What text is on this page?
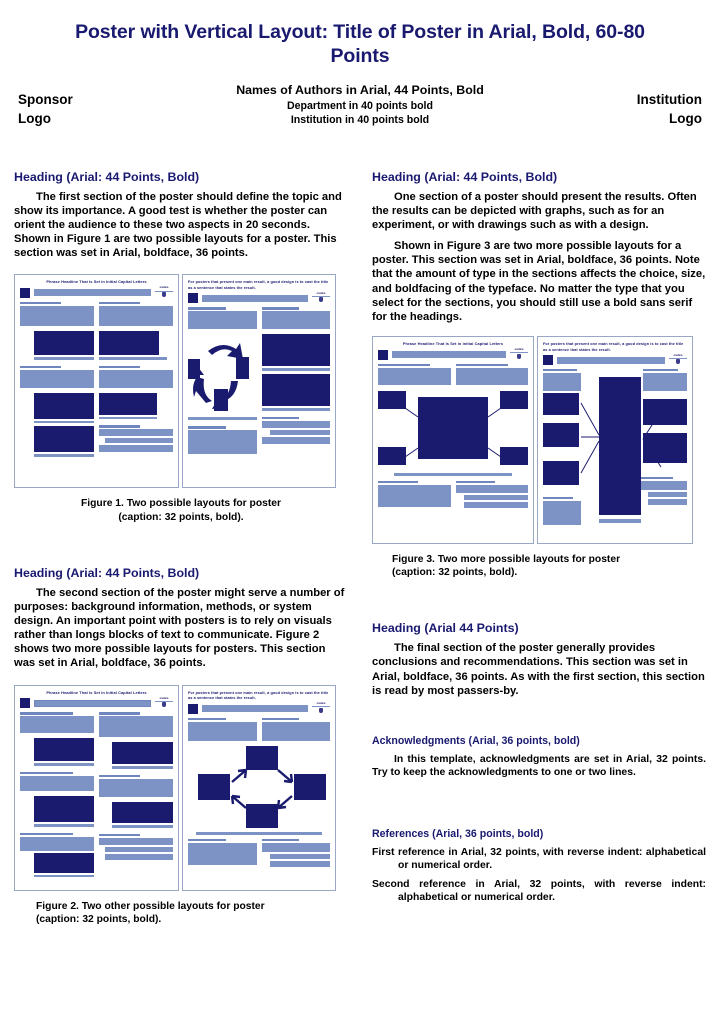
Poster with Vertical Layout: Title of Poster in Arial, Bold, 60-80 Points
Names of Authors in Arial, 44 Points, Bold
Department in 40 points bold
Institution in 40 points bold
Sponsor
Logo
Institution
Logo
Heading (Arial: 44 Points, Bold)

The first section of the poster should define the topic and show its importance. A good test is whether the poster can orient the audience to these two aspects in 20 seconds. Shown in Figure 1 are two possible layouts for a poster. This section was set in Arial, boldface, 36 points.

Phrase Headline That Is Set in Initial Capital Letters
medica
For posters that present one main result, a good design is to cast the title as a sentence that states the result.
medica
Figure 1. Two possible layouts for poster
(caption: 32 points, bold).
Heading (Arial: 44 Points, Bold)

The second section of the poster might serve a number of purposes: background information, methods, or system design. An important point with posters is to rely on visuals rather than longs blocks of text to communicate. Figure 2 shows two more possible layouts for posters. This section was set in Arial, boldface, 36 points.

Phrase Headline That Is Set in Initial Capital Letters
medica
For posters that present one main result, a good design is to cast the title as a sentence that states the result.
medica
Figure 2. Two other possible layouts for poster
(caption: 32 points, bold).
Heading (Arial: 44 Points, Bold)

One section of a poster should present the results. Often the results can be depicted with graphs, such as for an experiment, or with drawings such as with a design.

Shown in Figure 3 are two more possible layouts for a poster. This section was set in Arial, boldface, 36 points. Note that the amount of type in the sections affects the choice, size, and boldfacing of the typeface. No matter the type that you select for the sections, you should still use a bold sans serif for the headings.

Phrase Headline That Is Set in Initial Capital Letters
medica
For posters that present one main result, a good design is to cast the title as a sentence that states the result.
medica
Figure 3. Two more possible layouts for poster
(caption: 32 points, bold).
Heading (Arial 44 Points)

The final section of the poster generally provides conclusions and recommendations. This section was set in Arial, boldface, 36 points. As with the first section, this section is read by most passers-by.

Acknowledgments (Arial, 36 points, bold)

In this template, acknowledgments are set in Arial, 32 points. Try to keep the acknowledgments to one or two lines.

References (Arial, 36 points, bold)
First reference in Arial, 32 points, with reverse indent: alphabetical or numerical order.
Second reference in Arial, 32 points, with reverse indent: alphabetical or numerical order.
